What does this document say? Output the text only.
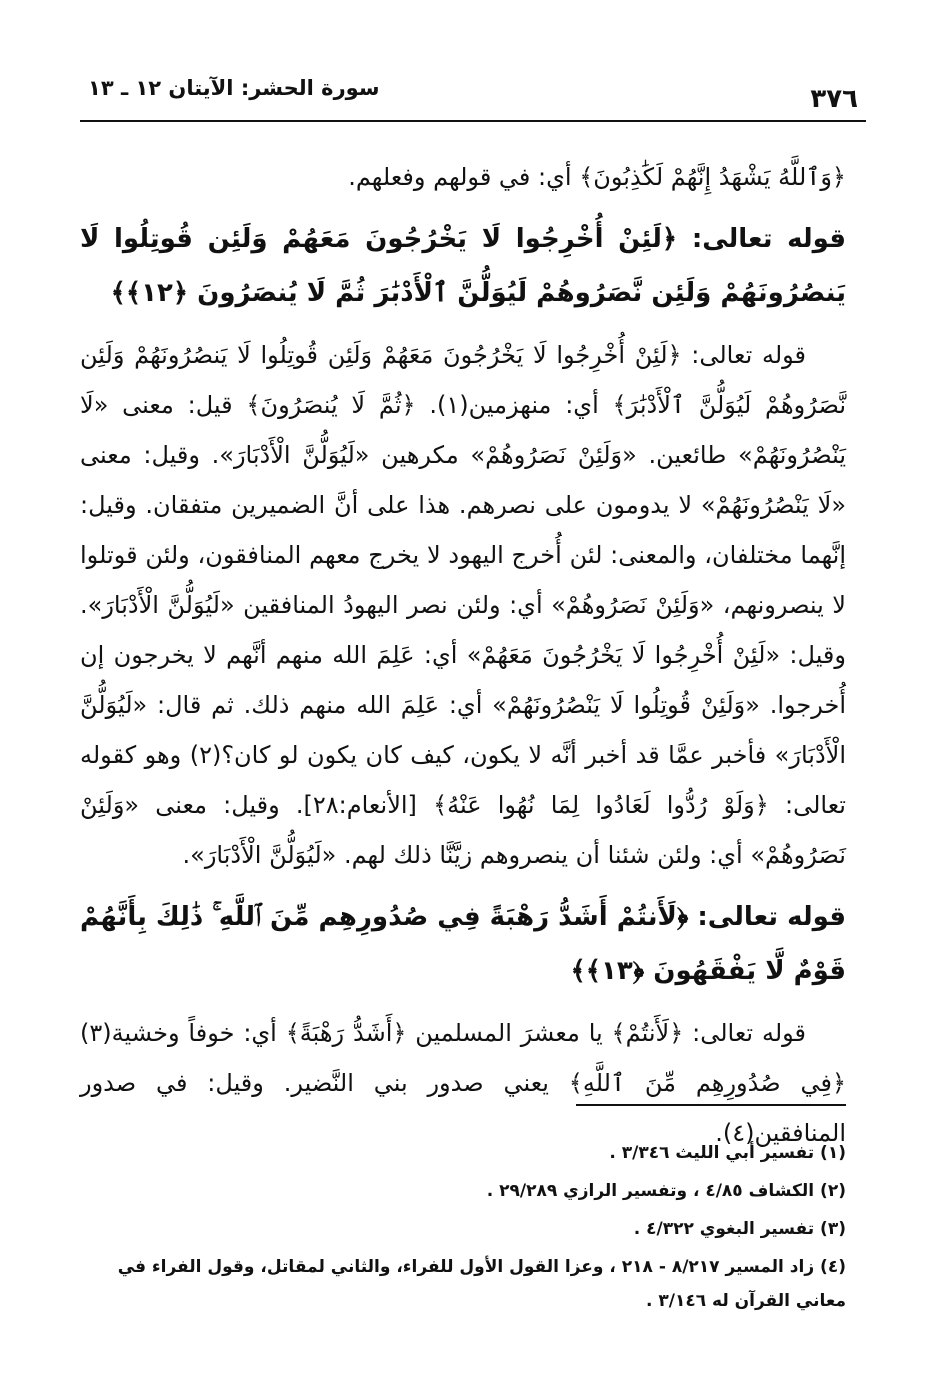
٣٧٦
سورة الحشر: الآيتان ١٢ ـ ١٣

﴿وَٱللَّهُ يَشْهَدُ إِنَّهُمْ لَكَٰذِبُونَ﴾ أي: في قولهم وفعلهم.

قوله تعالى: ﴿لَئِنْ أُخْرِجُوا لَا يَخْرُجُونَ مَعَهُمْ وَلَئِن قُوتِلُوا لَا يَنصُرُونَهُمْ وَلَئِن نَّصَرُوهُمْ لَيُوَلُّنَّ ٱلْأَدْبَٰرَ ثُمَّ لَا يُنصَرُونَ ﴿١٢﴾﴾

قوله تعالى: ﴿لَئِنْ أُخْرِجُوا لَا يَخْرُجُونَ مَعَهُمْ وَلَئِن قُوتِلُوا لَا يَنصُرُونَهُمْ وَلَئِن نَّصَرُوهُمْ لَيُوَلُّنَّ ٱلْأَدْبَٰرَ﴾ أي: منهزمين(١). ﴿ثُمَّ لَا يُنصَرُونَ﴾ قيل: معنى «لَا يَنْصُرُونَهُمْ» طائعين. «وَلَئِنْ نَصَرُوهُمْ» مكرهين «لَيُوَلُّنَّ الْأَدْبَارَ». وقيل: معنى «لَا يَنْصُرُونَهُمْ» لا يدومون على نصرهم. هذا على أنَّ الضميرين متفقان. وقيل: إنَّهما مختلفان، والمعنى: لئن أُخرج اليهود لا يخرج معهم المنافقون، ولئن قوتلوا لا ينصرونهم، «وَلَئِنْ نَصَرُوهُمْ» أي: ولئن نصر اليهودُ المنافقين «لَيُوَلُّنَّ الْأَدْبَارَ». وقيل: «لَئِنْ أُخْرِجُوا لَا يَخْرُجُونَ مَعَهُمْ» أي: عَلِمَ الله منهم أنَّهم لا يخرجون إن أُخرجوا. «وَلَئِنْ قُوتِلُوا لَا يَنْصُرُونَهُمْ» أي: عَلِمَ الله منهم ذلك. ثم قال: «لَيُوَلُّنَّ الْأَدْبَارَ» فأخبر عمَّا قد أخبر أنَّه لا يكون، كيف كان يكون لو كان؟(٢) وهو كقوله تعالى: ﴿وَلَوْ رُدُّوا لَعَادُوا لِمَا نُهُوا عَنْهُ﴾ [الأنعام:٢٨]. وقيل: معنى «وَلَئِنْ نَصَرُوهُمْ» أي: ولئن شئنا أن ينصروهم زيَّنَّا ذلك لهم. «لَيُوَلُّنَّ الْأَدْبَارَ».

قوله تعالى: ﴿لَأَنتُمْ أَشَدُّ رَهْبَةً فِي صُدُورِهِم مِّنَ ٱللَّهِ ۚ ذَٰلِكَ بِأَنَّهُمْ قَوْمٌ لَّا يَفْقَهُونَ ﴿١٣﴾﴾

قوله تعالى: ﴿لَأَنتُمْ﴾ يا معشرَ المسلمين ﴿أَشَدُّ رَهْبَةً﴾ أي: خوفاً وخشية(٣) ﴿فِي صُدُورِهِم مِّنَ ٱللَّهِ﴾ يعني صدور بني النَّضير. وقيل: في صدور المنافقين(٤).

(١) تفسير أبي الليث ٣/٣٤٦ .

(٢) الكشاف ٤/٨٥ ، وتفسير الرازي ٢٩/٢٨٩ .

(٣) تفسير البغوي ٤/٣٢٢ .

(٤) زاد المسير ٨/٢١٧ - ٢١٨ ، وعزا القول الأول للفراء، والثاني لمقاتل، وقول الفراء في معاني القرآن له ٣/١٤٦ .
